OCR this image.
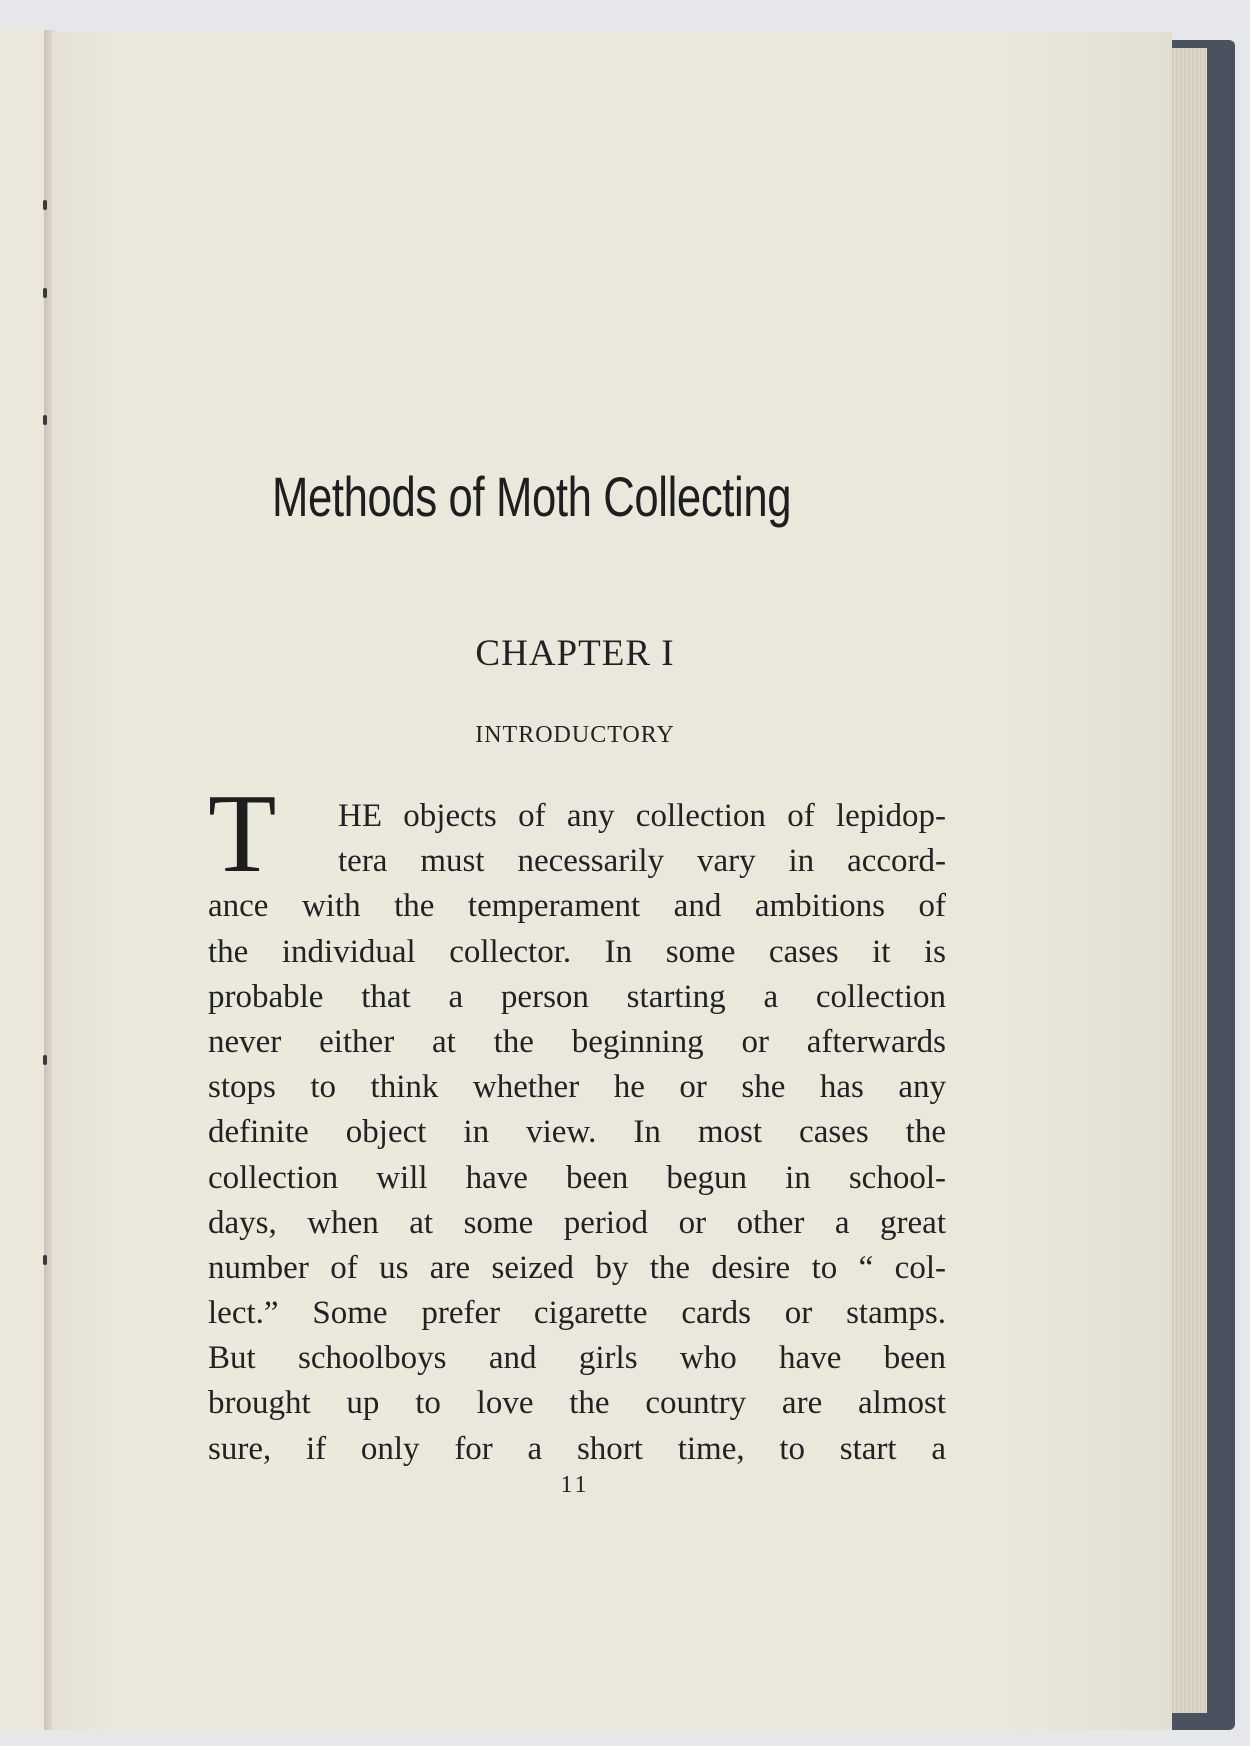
Methods of Moth Collecting
CHAPTER I
INTRODUCTORY
T	HE objects of any collection of lepidop-
tera must necessarily vary in accord-
ance with the temperament and ambitions of
the individual collector. In some cases it is
probable that a person starting a collection
never either at the beginning or afterwards
stops to think whether he or she has any
definite object in view. In most cases the
collection will have been begun in school-
days, when at some period or other a great
number of us are seized by the desire to “ col-
lect.” Some prefer cigarette cards or stamps.
But schoolboys and girls who have been
brought up to love the country are almost
sure, if only for a short time, to start a
11
